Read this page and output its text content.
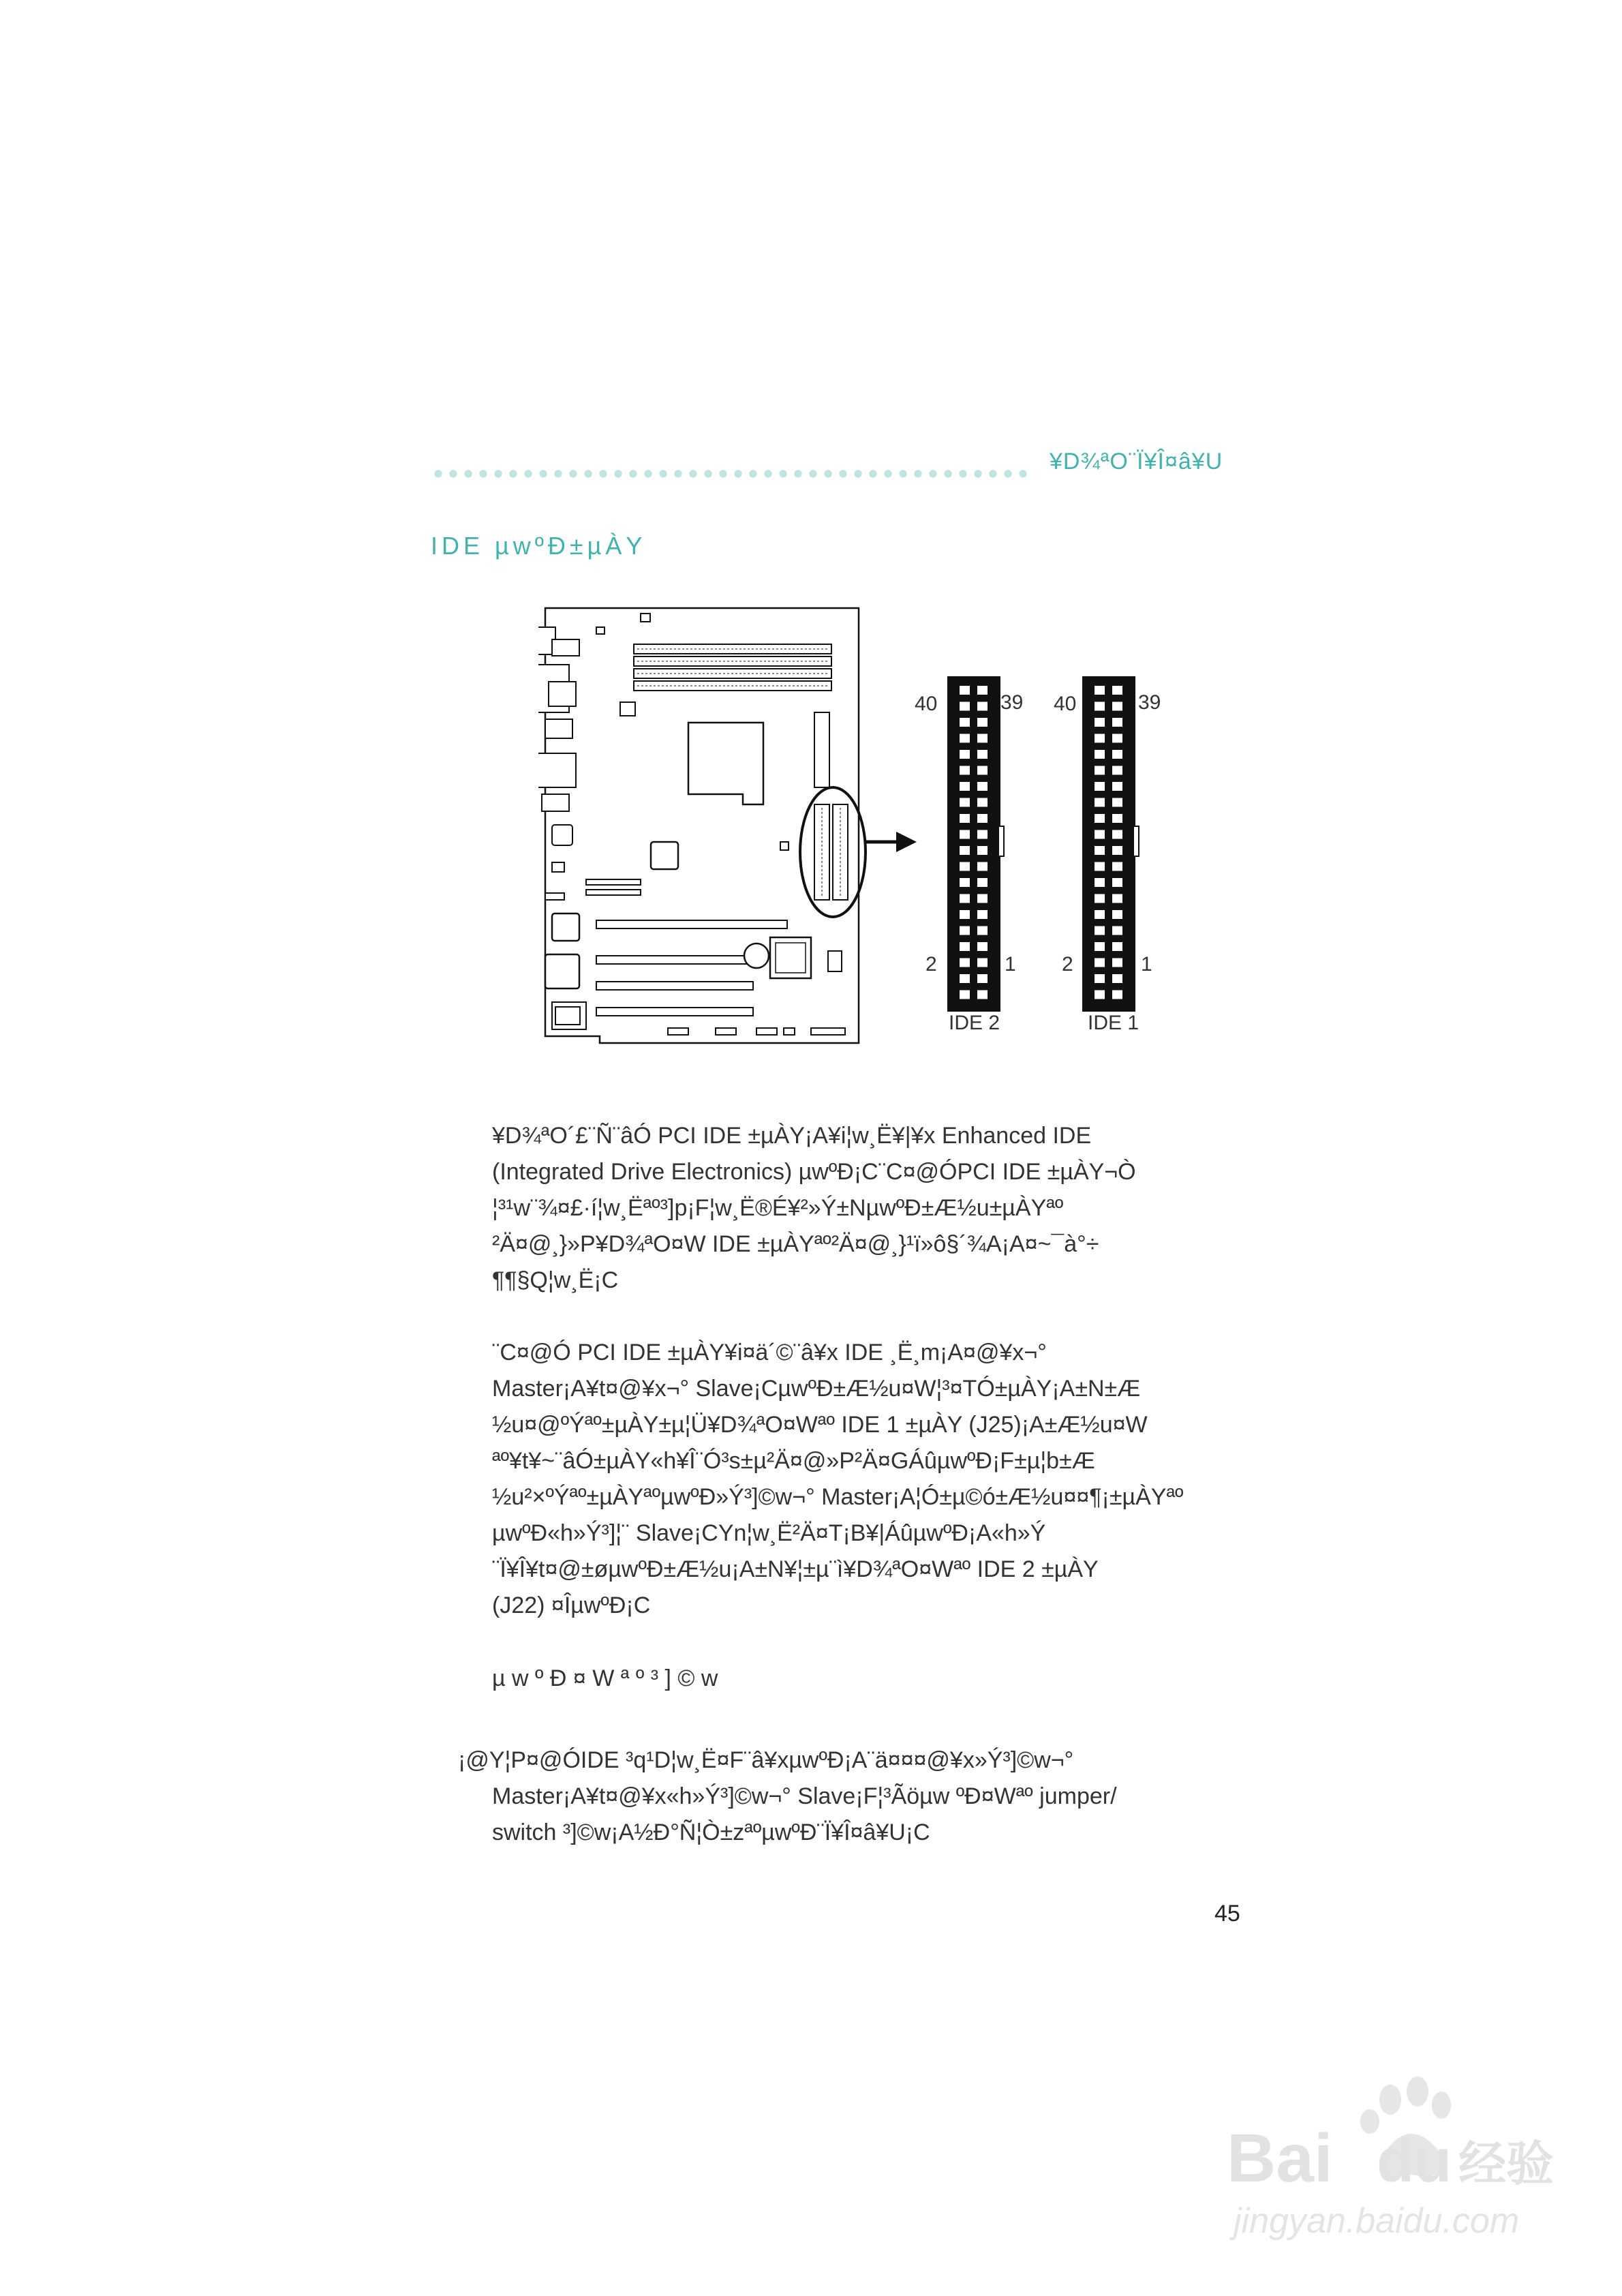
¥D¾ªO¨Ï¥Î¤â¥U
IDE µwºÐ±µÀY
40	39
2	1
IDE 2
40	39
2	1
IDE 1
¥D¾ªO´£¨Ñ¨âÓ PCI IDE ±µÀY¡A¥i¦w¸Ë¥|¥x Enhanced IDE
(Integrated Drive Electronics) µwºÐ¡C¨C¤@ÓPCI IDE ±µÀY¬Ò
¦³¹w¨¾¤£·í¦w¸Ëªº³]p¡F¦w¸Ë®É¥²»Ý±NµwºÐ±Æ½u±µÀYªº
²Ä¤@¸}»P¥D¾ªO¤W IDE ±µÀYªº²Ä¤@¸}¹ï»ô§´¾A¡A¤~¯à°÷
¶¶§Q¦w¸Ë¡C
¨C¤@Ó PCI IDE ±µÀY¥i¤ä´©¨â¥x IDE ¸Ë¸m¡A¤@¥x¬°
Master¡A¥t¤@¥x¬° Slave¡CµwºÐ±Æ½u¤W¦³¤TÓ±µÀY¡A±N±Æ
½u¤@ºÝªº±µÀY±µ¦Ü¥D¾ªO¤Wªº IDE 1 ±µÀY (J25)¡A±Æ½u¤W
ªº¥t¥~¨âÓ±µÀY«h¥Î¨Ó³s±µ²Ä¤@»P²Ä¤GÁûµwºÐ¡F±µ¦b±Æ
½u²×ºÝªº±µÀYªºµwºÐ»Ý³]©w¬° Master¡A¦Ó±µ©ó±Æ½u¤¤¶¡±µÀYªº
µwºÐ«h»Ý³]¦¨ Slave¡CYn¦w¸Ë²Ä¤T¡B¥|ÁûµwºÐ¡A«h»Ý
¨Ï¥Î¥t¤@±øµwºÐ±Æ½u¡A±N¥¦±µ¨ì¥D¾ªO¤Wªº IDE 2 ±µÀY
(J22) ¤ÎµwºÐ¡C
µ w º Ð ¤ W ª º ³ ] © w
¡@Y¦P¤@ÓIDE ³q¹D¦w¸Ë¤F¨â¥xµwºÐ¡A¨ä¤¤¤@¥x»Ý³]©w¬°
Master¡A¥t¤@¥x«h»Ý³]©w¬° Slave¡F¦³Ãöµw ºÐ¤Wªº jumper/
switch ³]©w¡A½Ð°Ñ¦Ò±zªºµwºÐ¨Ï¥Î¤â¥U¡C
45
Bai du 经验
jingyan.baidu.com
